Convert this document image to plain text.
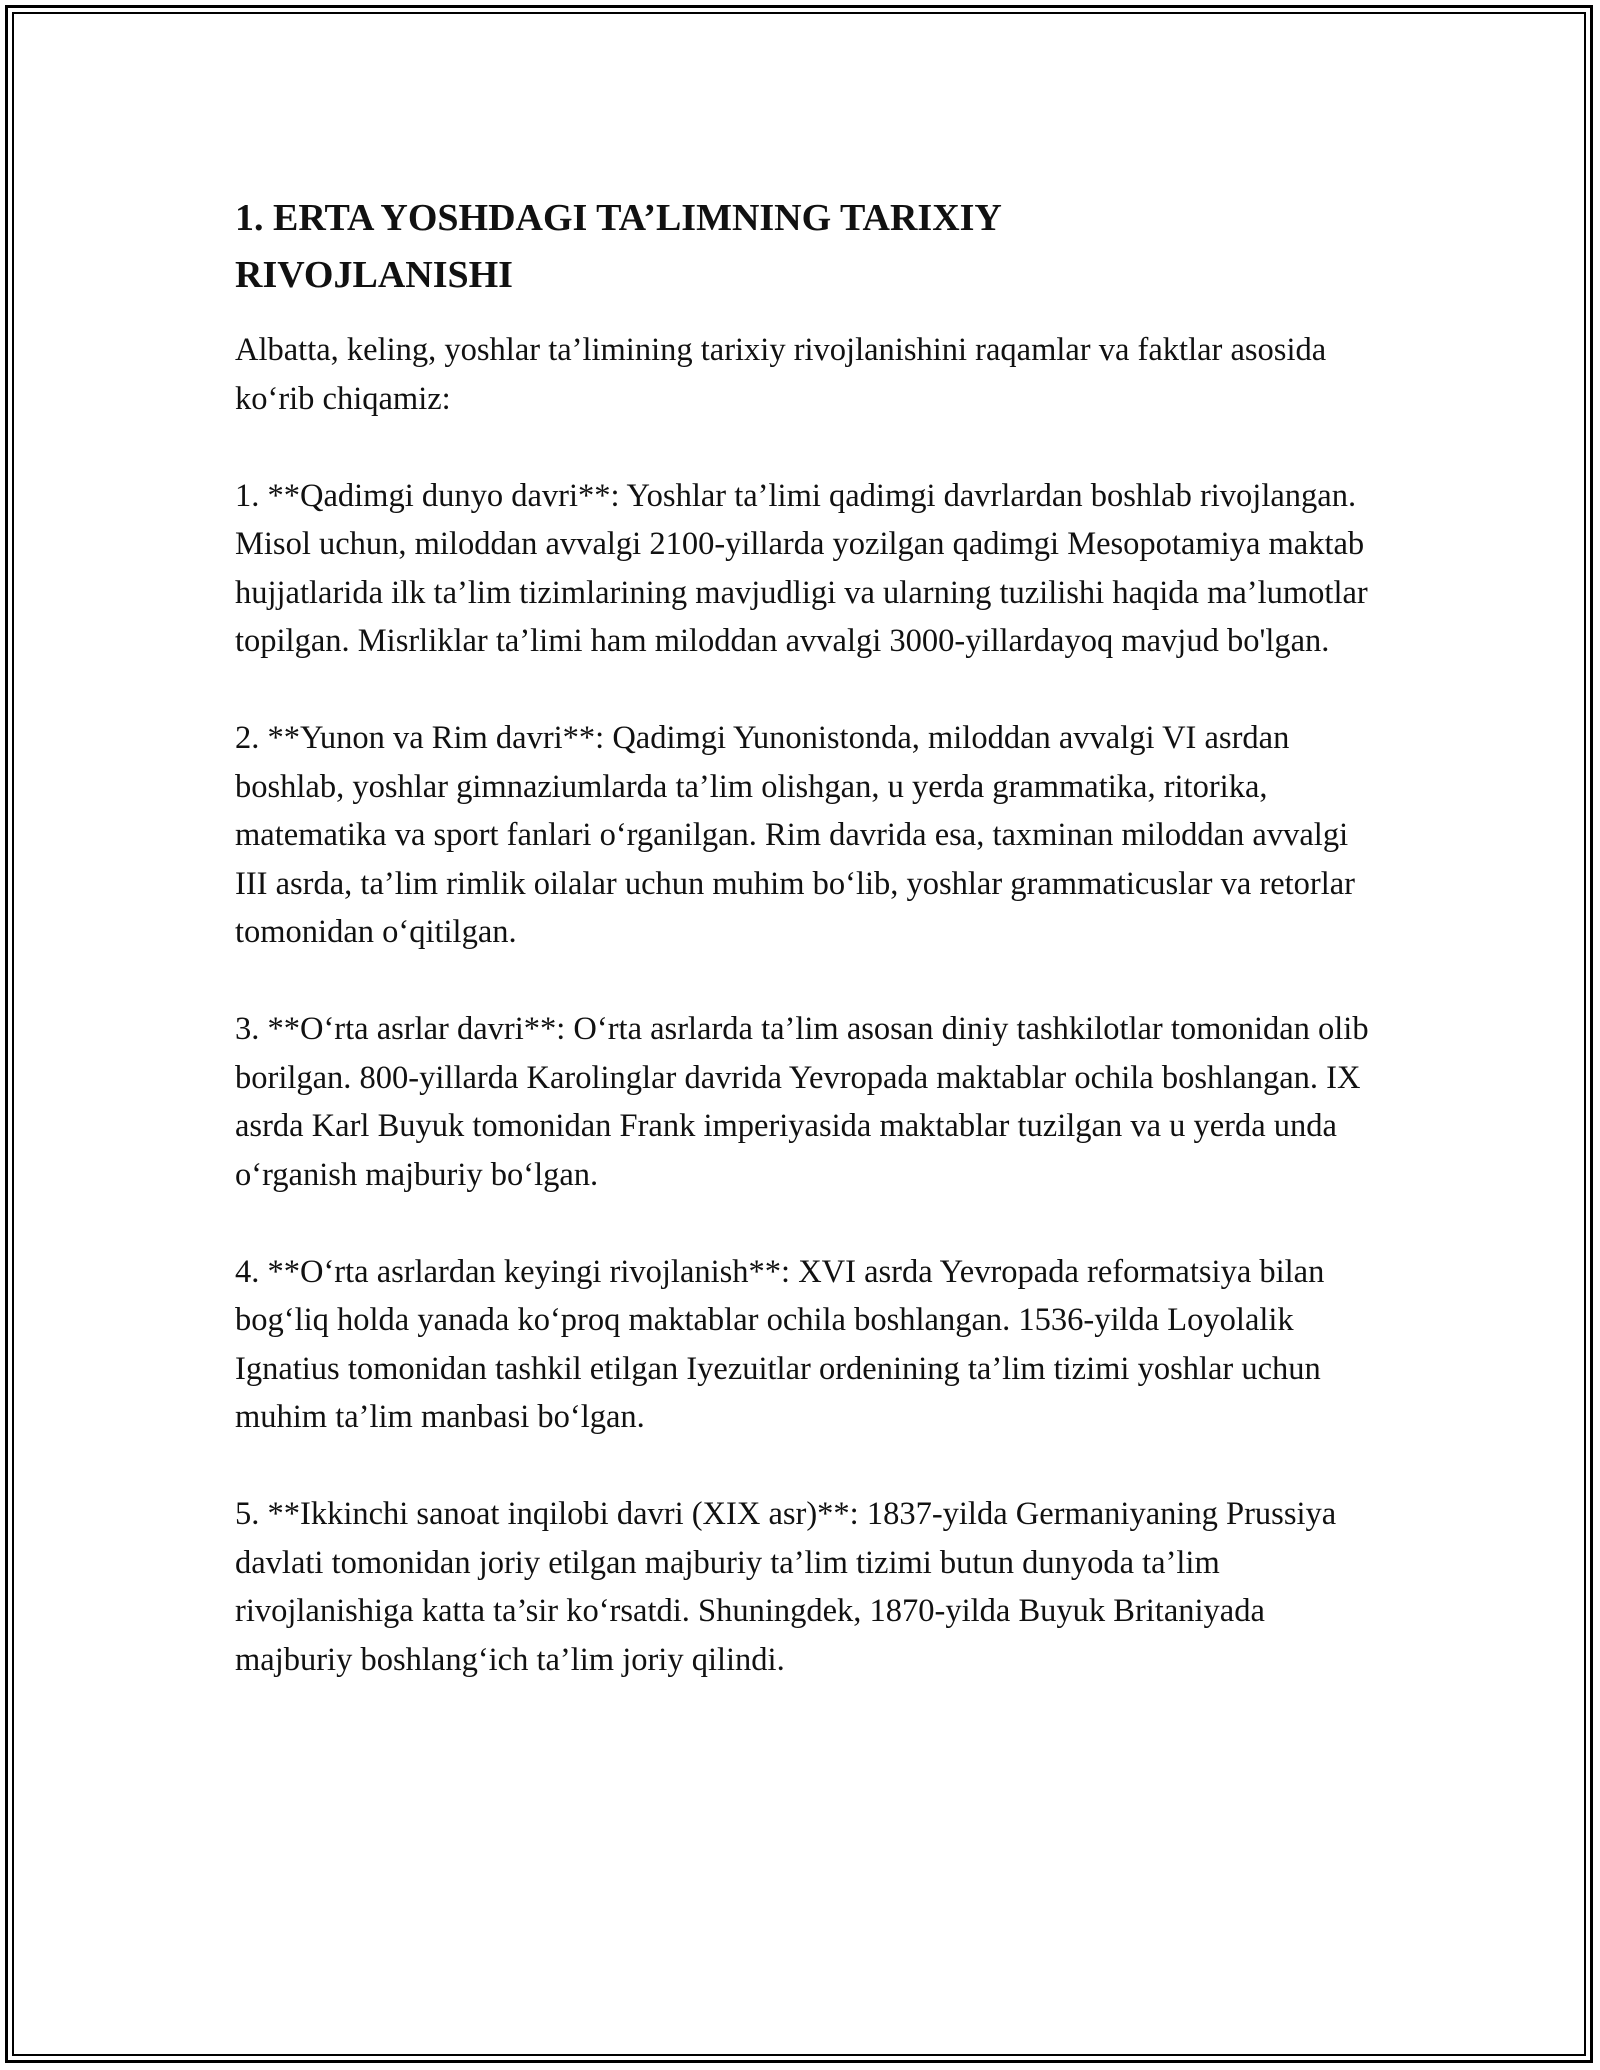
1. ERTA YOSHDAGI TA’LIMNING TARIXIY
RIVOJLANISHI

Albatta, keling, yoshlar ta’limining tarixiy rivojlanishini raqamlar va faktlar asosida ko‘rib chiqamiz:

1. **Qadimgi dunyo davri**: Yoshlar ta’limi qadimgi davrlardan boshlab rivojlangan. Misol uchun, miloddan avvalgi 2100-yillarda yozilgan qadimgi Mesopotamiya maktab hujjatlarida ilk ta’lim tizimlarining mavjudligi va ularning tuzilishi haqida ma’lumotlar topilgan. Misrliklar ta’limi ham miloddan avvalgi 3000-yillardayoq mavjud bo'lgan.

2. **Yunon va Rim davri**: Qadimgi Yunonistonda, miloddan avvalgi VI asrdan boshlab, yoshlar gimnaziumlarda ta’lim olishgan, u yerda grammatika, ritorika, matematika va sport fanlari o‘rganilgan. Rim davrida esa, taxminan miloddan avvalgi III asrda, ta’lim rimlik oilalar uchun muhim bo‘lib, yoshlar grammaticuslar va retorlar tomonidan o‘qitilgan.

3. **O‘rta asrlar davri**: O‘rta asrlarda ta’lim asosan diniy tashkilotlar tomonidan olib borilgan. 800-yillarda Karolinglar davrida Yevropada maktablar ochila boshlangan. IX asrda Karl Buyuk tomonidan Frank imperiyasida maktablar tuzilgan va u yerda unda o‘rganish majburiy bo‘lgan.

4. **O‘rta asrlardan keyingi rivojlanish**: XVI asrda Yevropada reformatsiya bilan bog‘liq holda yanada ko‘proq maktablar ochila boshlangan. 1536-yilda Loyolalik Ignatius tomonidan tashkil etilgan Iyezuitlar ordenining ta’lim tizimi yoshlar uchun muhim ta’lim manbasi bo‘lgan.

5. **Ikkinchi sanoat inqilobi davri (XIX asr)**: 1837-yilda Germaniyaning Prussiya davlati tomonidan joriy etilgan majburiy ta’lim tizimi butun dunyoda ta’lim rivojlanishiga katta ta’sir ko‘rsatdi. Shuningdek, 1870-yilda Buyuk Britaniyada majburiy boshlang‘ich ta’lim joriy qilindi.
